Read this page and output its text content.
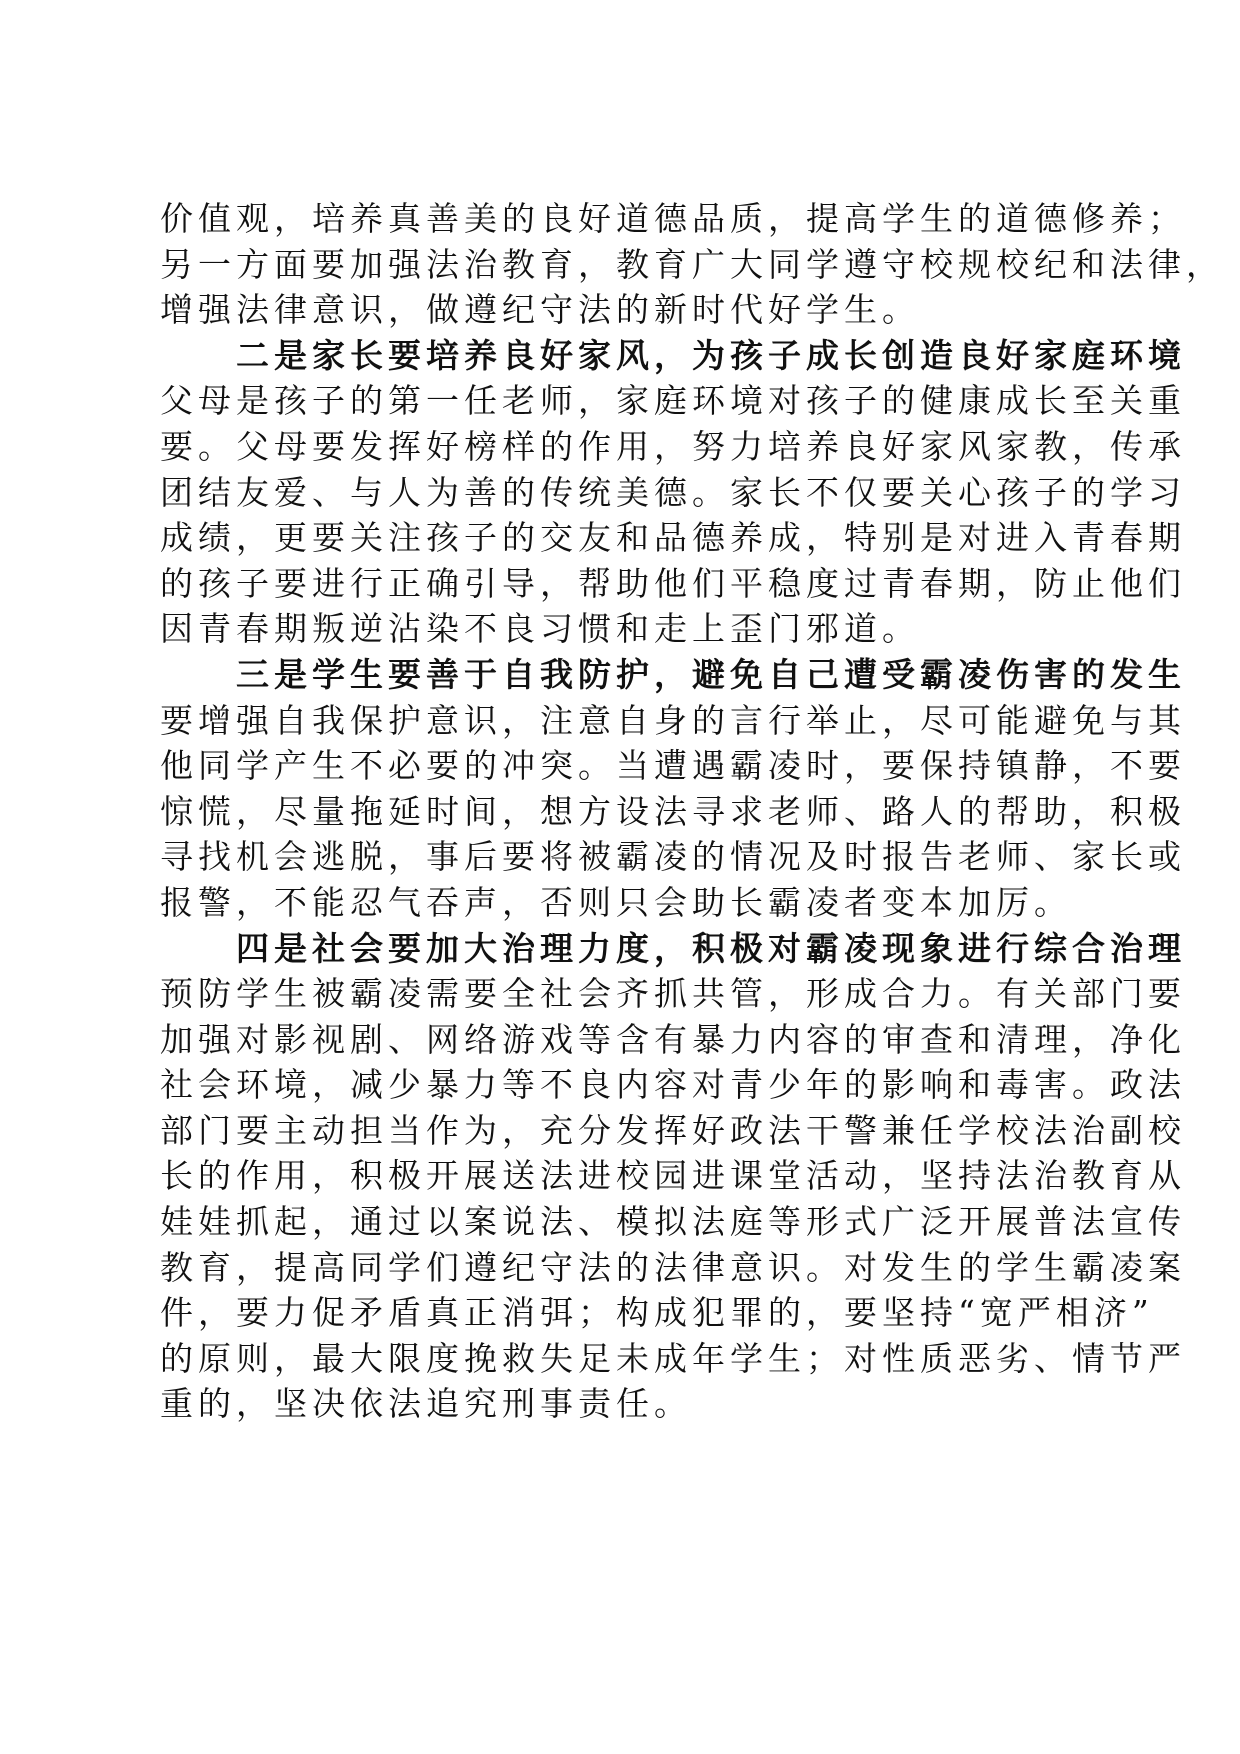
价值观，培养真善美的良好道德品质，提高学生的道德修养；
另一方面要加强法治教育，教育广大同学遵守校规校纪和法律，
增强法律意识，做遵纪守法的新时代好学生。
二是家长要培养良好家风，为孩子成长创造良好家庭环境
父母是孩子的第一任老师，家庭环境对孩子的健康成长至关重
要。父母要发挥好榜样的作用，努力培养良好家风家教，传承
团结友爱、与人为善的传统美德。家长不仅要关心孩子的学习
成绩，更要关注孩子的交友和品德养成，特别是对进入青春期
的孩子要进行正确引导，帮助他们平稳度过青春期，防止他们
因青春期叛逆沾染不良习惯和走上歪门邪道。
三是学生要善于自我防护，避免自己遭受霸凌伤害的发生
要增强自我保护意识，注意自身的言行举止，尽可能避免与其
他同学产生不必要的冲突。当遭遇霸凌时，要保持镇静，不要
惊慌，尽量拖延时间，想方设法寻求老师、路人的帮助，积极
寻找机会逃脱，事后要将被霸凌的情况及时报告老师、家长或
报警，不能忍气吞声，否则只会助长霸凌者变本加厉。
四是社会要加大治理力度，积极对霸凌现象进行综合治理
预防学生被霸凌需要全社会齐抓共管，形成合力。有关部门要
加强对影视剧、网络游戏等含有暴力内容的审查和清理，净化
社会环境，减少暴力等不良内容对青少年的影响和毒害。政法
部门要主动担当作为，充分发挥好政法干警兼任学校法治副校
长的作用，积极开展送法进校园进课堂活动，坚持法治教育从
娃娃抓起，通过以案说法、模拟法庭等形式广泛开展普法宣传
教育，提高同学们遵纪守法的法律意识。对发生的学生霸凌案
件，要力促矛盾真正消弭；构成犯罪的，要坚持“宽严相济”
的原则，最大限度挽救失足未成年学生；对性质恶劣、情节严
重的，坚决依法追究刑事责任。
